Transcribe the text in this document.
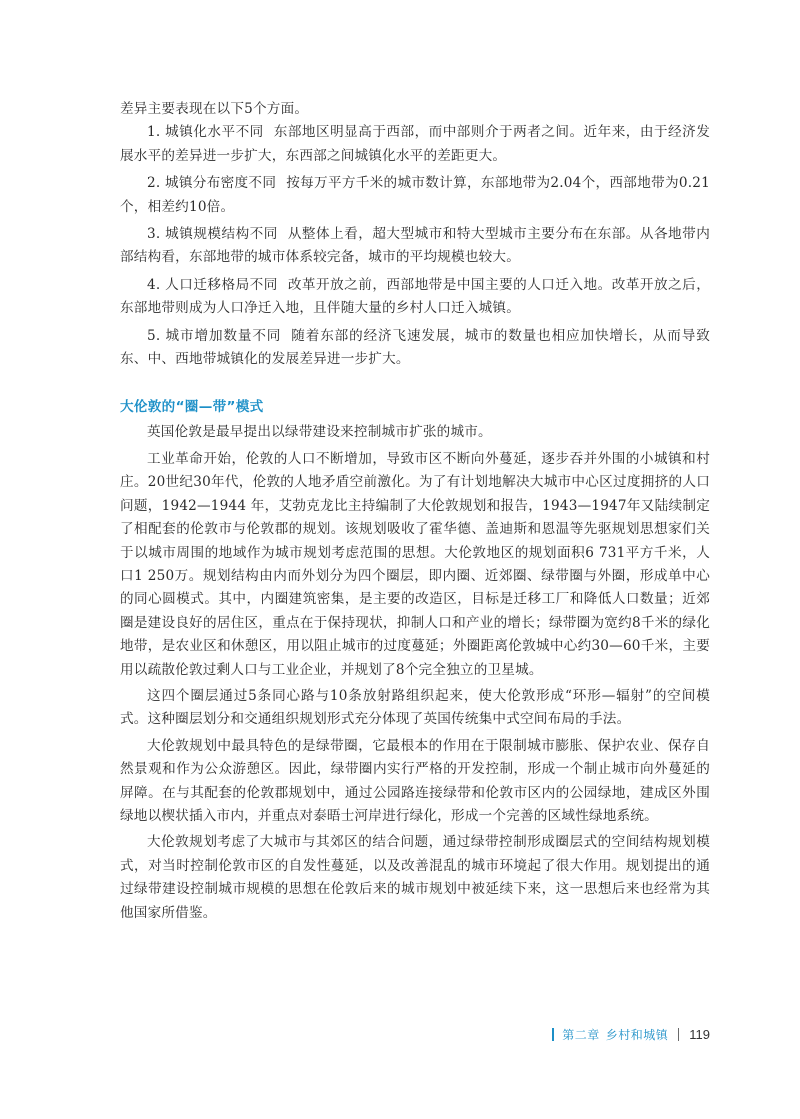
差异主要表现在以下5个方面。

1. 城镇化水平不同 东部地区明显高于西部，而中部则介于两者之间。近年来，由于经济发展水平的差异进一步扩大，东西部之间城镇化水平的差距更大。

2. 城镇分布密度不同 按每万平方千米的城市数计算，东部地带为2.04个，西部地带为0.21个，相差约10倍。

3. 城镇规模结构不同 从整体上看，超大型城市和特大型城市主要分布在东部。从各地带内部结构看，东部地带的城市体系较完备，城市的平均规模也较大。

4. 人口迁移格局不同 改革开放之前，西部地带是中国主要的人口迁入地。改革开放之后，东部地带则成为人口净迁入地，且伴随大量的乡村人口迁入城镇。

5. 城市增加数量不同 随着东部的经济飞速发展，城市的数量也相应加快增长，从而导致东、中、西地带城镇化的发展差异进一步扩大。

大伦敦的“圈—带”模式

英国伦敦是最早提出以绿带建设来控制城市扩张的城市。

工业革命开始，伦敦的人口不断增加，导致市区不断向外蔓延，逐步吞并外围的小城镇和村庄。20世纪30年代，伦敦的人地矛盾空前激化。为了有计划地解决大城市中心区过度拥挤的人口问题，1942—1944 年，艾勃克龙比主持编制了大伦敦规划和报告，1943—1947年又陆续制定了相配套的伦敦市与伦敦郡的规划。该规划吸收了霍华德、盖迪斯和恩温等先驱规划思想家们关于以城市周围的地域作为城市规划考虑范围的思想。大伦敦地区的规划面积6 731平方千米，人口1 250万。规划结构由内而外划分为四个圈层，即内圈、近郊圈、绿带圈与外圈，形成单中心的同心圆模式。其中，内圈建筑密集，是主要的改造区，目标是迁移工厂和降低人口数量；近郊圈是建设良好的居住区，重点在于保持现状，抑制人口和产业的增长；绿带圈为宽约8千米的绿化地带，是农业区和休憩区，用以阻止城市的过度蔓延；外圈距离伦敦城中心约30—60千米，主要用以疏散伦敦过剩人口与工业企业，并规划了8个完全独立的卫星城。

这四个圈层通过5条同心路与10条放射路组织起来，使大伦敦形成“环形—辐射”的空间模式。这种圈层划分和交通组织规划形式充分体现了英国传统集中式空间布局的手法。

大伦敦规划中最具特色的是绿带圈，它最根本的作用在于限制城市膨胀、保护农业、保存自然景观和作为公众游憩区。因此，绿带圈内实行严格的开发控制，形成一个制止城市向外蔓延的屏障。在与其配套的伦敦郡规划中，通过公园路连接绿带和伦敦市区内的公园绿地，建成区外围绿地以楔状插入市内，并重点对泰晤士河岸进行绿化，形成一个完善的区域性绿地系统。

大伦敦规划考虑了大城市与其郊区的结合问题，通过绿带控制形成圈层式的空间结构规划模式，对当时控制伦敦市区的自发性蔓延，以及改善混乱的城市环境起了很大作用。规划提出的通过绿带建设控制城市规模的思想在伦敦后来的城市规划中被延续下来，这一思想后来也经常为其他国家所借鉴。

第二章 乡村和城镇 119
